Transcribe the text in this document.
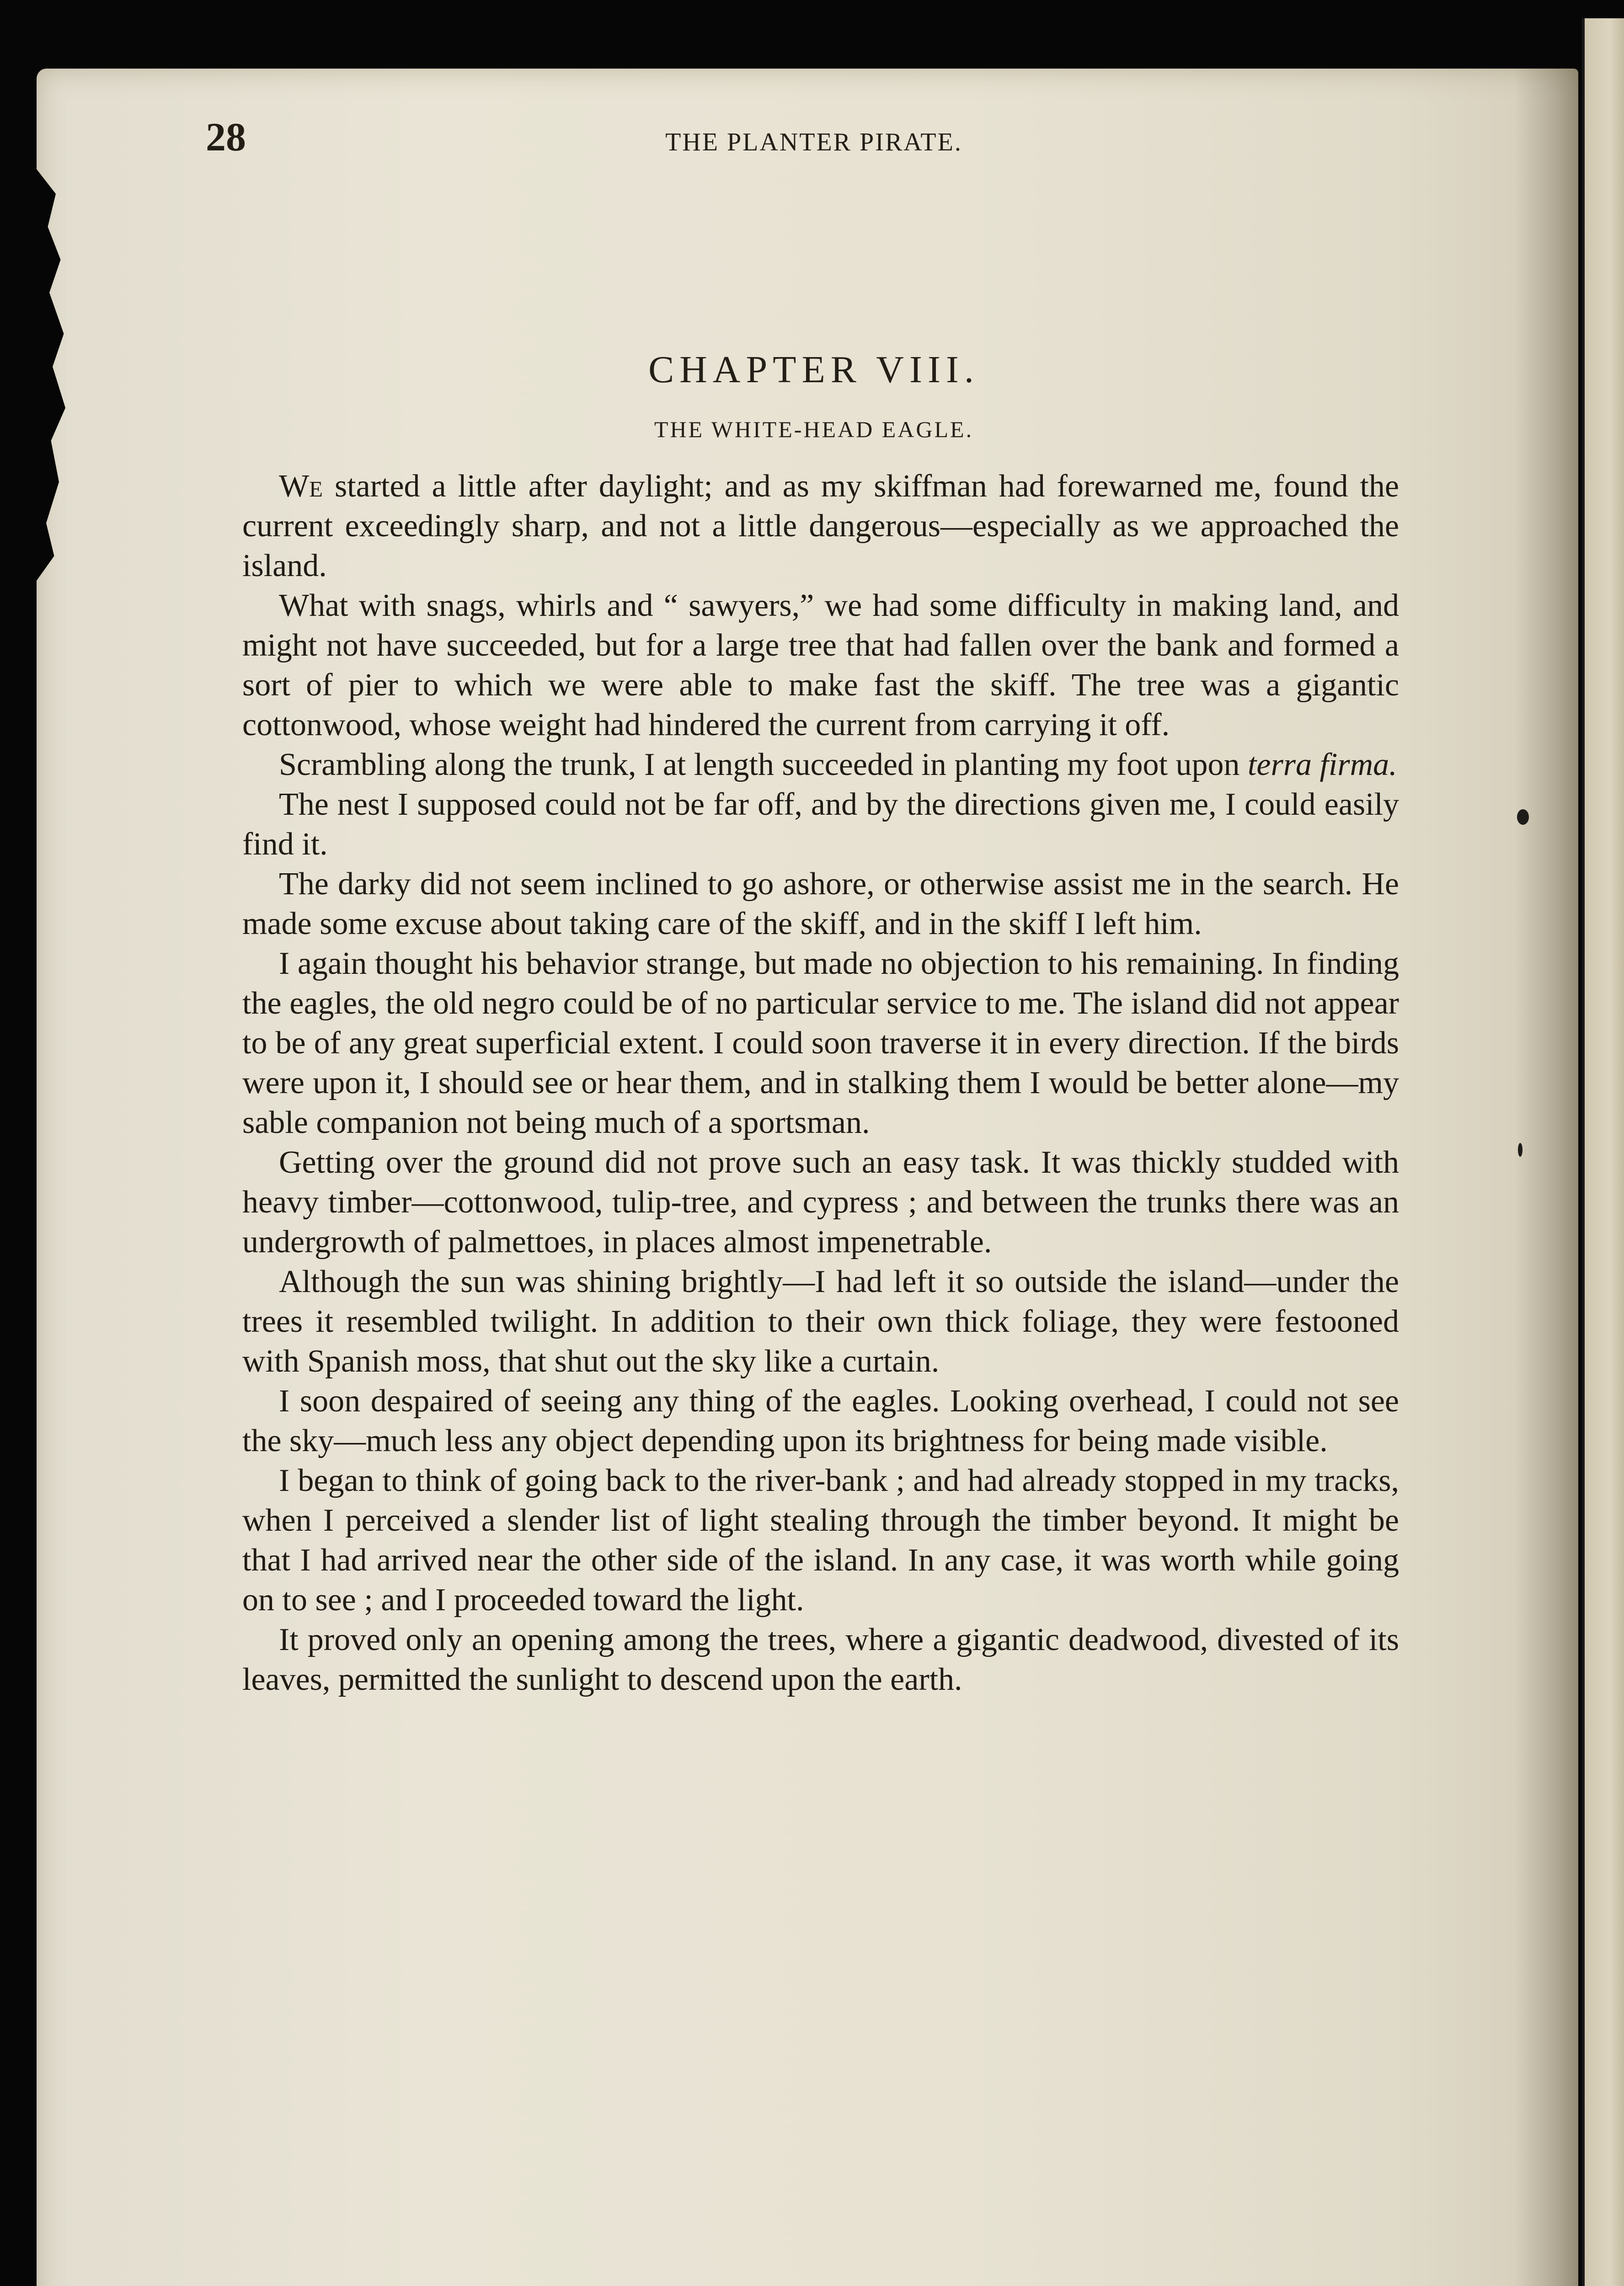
28	THE PLANTER PIRATE.
CHAPTER VIII.
THE WHITE-HEAD EAGLE.

We started a little after daylight; and as my skiffman had forewarned me, found the current exceedingly sharp, and not a little dangerous—especially as we approached the island.

What with snags, whirls and “ sawyers,” we had some difficulty in making land, and might not have succeeded, but for a large tree that had fallen over the bank and formed a sort of pier to which we were able to make fast the skiff. The tree was a gigantic cottonwood, whose weight had hindered the current from carrying it off.

Scrambling along the trunk, I at length succeeded in planting my foot upon terra firma.

The nest I supposed could not be far off, and by the directions given me, I could easily find it.

The darky did not seem inclined to go ashore, or otherwise assist me in the search. He made some excuse about taking care of the skiff, and in the skiff I left him.

I again thought his behavior strange, but made no objection to his remaining. In finding the eagles, the old negro could be of no particular service to me. The island did not appear to be of any great superficial extent. I could soon traverse it in every direction. If the birds were upon it, I should see or hear them, and in stalking them I would be better alone—my sable companion not being much of a sportsman.

Getting over the ground did not prove such an easy task. It was thickly studded with heavy timber—cottonwood, tulip-tree, and cypress ; and between the trunks there was an undergrowth of palmettoes, in places almost impenetrable.

Although the sun was shining brightly—I had left it so outside the island—under the trees it resembled twilight. In addition to their own thick foliage, they were festooned with Spanish moss, that shut out the sky like a curtain.

I soon despaired of seeing any thing of the eagles. Looking overhead, I could not see the sky—much less any object depending upon its brightness for being made visible.

I began to think of going back to the river-bank ; and had already stopped in my tracks, when I perceived a slender list of light stealing through the timber beyond. It might be that I had arrived near the other side of the island. In any case, it was worth while going on to see ; and I proceeded toward the light.

It proved only an opening among the trees, where a gigantic deadwood, divested of its leaves, permitted the sunlight to descend upon the earth.
